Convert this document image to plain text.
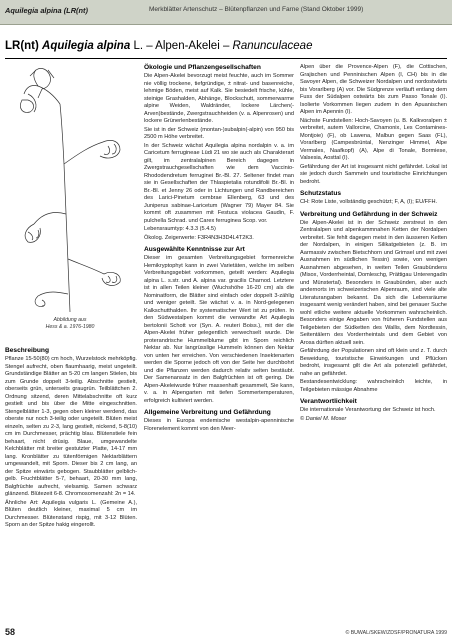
Aquilegia alpina (LR(nt)	Merkblätter Artenschutz – Blütenpflanzen und Farne (Stand Oktober 1999)
LR(nt) Aquilegia alpina L. – Alpen-Akelei – Ranunculaceae
Abbildung aus
Hess & a. 1976-1980
Beschreibung

Pflanze 15-50(80) cm hoch, Wurzelstock mehrköpfig. Stengel aufrecht, oben flaumhaarig, meist ungeteilt. Grundständige Blätter an 5-20 cm langen Stielen, bis zum Grunde doppelt 3-teilig. Abschnitte gestielt, oberseits grün, unterseits graugrün. Teilblättchen 2. Ordnung sitzend, deren Mittelabschnitte oft kurz gestielt und bis über die Mitte eingeschnitten. Stengelblätter 1-3, gegen oben kleiner werdend, das oberste nur noch 3-teilig oder ungeteilt. Blüten meist einzeln, selten zu 2-3, lang gestielt, nickend, 5-8(10) cm im Durchmesser, prächtig blau. Blütenstiele fein behaart, nicht drüsig. Blaue, umgewandelte Kelchblätter mit breiter gestutzter Platte, 14-17 mm lang. Kronblätter zu tütenförmigen Nektarblättern umgewandelt, mit Sporn. Dieser bis 2 cm lang, an der Spitze einwärts gebogen. Staubblätter gelblich-gelb. Fruchtblätter 5-7, behaart, 20-30 mm lang, Balgfrüchte aufrecht, vielsamig. Samen schwarz glänzend. Blütezeit 6-8. Chromosomenzahl: 2n = 14.

Ähnliche Art: Aquilegia vulgaris L. (Gemeine A.), Blüten deutlich kleiner, maximal 5 cm im Durchmesser. Blütenstand rispig, mit 3-12 Blüten. Sporn an der Spitze hakig eingerollt.

Ökologie und Pflanzengesellschaften

Die Alpen-Akelei bevorzugt meist feuchte, auch im Sommer nie völlig trockene, tiefgründige, ± nitrat- und basenreiche, lehmige Böden, meist auf Kalk. Sie besiedelt frische, kühle, steinige Grashalden, Abhänge, Blockschutt, sommerwarme alpine Weiden, Waldränder, lockere Lärchen(-Arven)bestände, Zwergstrauchheiden (v. a. Alpenrosen) und lockere Grünerlenbestände.

Sie ist in der Schweiz (montan-)subalpin(-alpin) von 950 bis 2500 m Höhe verbreitet.

In der Schweiz wächst Aquilegia alpina nordalpin v. a. im Caricetum ferrugineae Lüdi 21 wo sie auch als Charakterart gilt, im zentralalpinen Bereich dagegen in Zwergstrauchgesellschaften wie dem Vaccinio-Rhododendretum ferruginei Br.-Bl. 27. Seltener findet man sie in Gesellschaften der Thlaspietalia rotundifolii Br.-Bl. in Br.-Bl. et Jenny 26 oder in Lichtungen und Randbereichen des Larici-Pinetum cembrae Ellenberg, 63 und des Juniperus sabinae-Laricetum (Wagner 79) Mayer 84. Sie kommt oft zusammen mit Festuca violacea Gaudin, F. pulchella Schrad. und Carex ferruginea Scop. vor.

Lebensraumtyp: 4.3.3 (5.4.5)

Ökolog. Zeigerwerte: F3R4N3H3D4L4T2K3.

Ausgewählte Kenntnisse zur Art

Dieser im gesamten Verbreitungsgebiet formenreiche Hemikryptophyt kann in zwei Varietäten, welche im selben Verbreitungsgebiet vorkommen, geteilt werden: Aquilegia alpina L. s.str. und A. alpina var. gracilis Charnod. Letztere ist in allen Teilen kleiner (Wuchshöhe 16-20 cm) als die Nominatform, die Blätter sind einfach oder doppelt 3-zählig und weniger geteilt. Sie wächst v. a. in Nord-gelegenen Kalkschutthalden. Ihr systematischer Wert ist zu prüfen. In den Südwestalpen kommt die verwandte Art Aquilegia bertolonii Schott vor (Syn. A. reuteri Boiss.), mit der die Alpen-Akelei früher gelegentlich verwechselt wurde. Die proterandrische Hummelblume gibt im Sporn reichlich Nektar ab. Nur langrüsslige Hummeln können den Nektar von unten her erreichen. Von verschiedenen Insektenarten werden die Sporne jedoch oft von der Seite her durchbohrt und die Pflanzen werden dadurch relativ selten bestäubt. Der Samenansatz in den Balgfrüchten ist oft gering. Die Alpen-Akeleiwurde früher massenhaft gesammelt, Sie kann, v. a. in Alpengarten mit tiefen Sommertemperaturen, erfolgreich kultiviert werden.

Allgemeine Verbreitung und Gefährdung

Dieses in Europa endemische westalpin-apenninische Florenelement kommt von den Meer-

Alpen über die Provence-Alpen (F), die Cottischen, Grajischen und Penninischen Alpen (I, CH) bis in die Savoyer Alpen, die Schweizer Nordalpen und nordostwärts bis Vorarlberg (A) vor. Die Südgrenze verläuft entlang dem Fuss der Südalpen ostwärts bis zum Passo Tonale (I). Isolierte Vorkommen liegen zudem in den Apuanischen Alpen im Apennin (I).

Nächste Fundstellen: Hoch-Savoyen (u. B. Kalkvoralpen ± verbreitet, autem Vallorcine, Chamonix, Les Contamines-Montjoie) (F), ob Lawena, Malbun gegen Saas (FL), Vorarlberg (Campesbrüntal, Nenzinger Himmel, Alpe Vermales, Naafkopf) (A), Alpe di Tonale, Bormiese, Valsesia, Aosttal (I).

Gefährdung der Art ist insgesamt nicht gefährdet. Lokal ist sie jedoch durch Sammeln und touristische Einrichtungen bedroht.

Schutzstatus

CH: Rote Liste, vollständig geschützt; F, A, (I); EU/FFH.

Verbreitung und Gefährdung in der Schweiz

Die Alpen-Akelei ist in der Schweiz zerstreut in den Zentralalpen und alpenkammnahen Ketten der Nordalpen verbreitet. Sie fehlt dagegen meist in den äusseren Ketten der Nordalpen, in einigen Silikatgebieten (z. B. im Aarmassiv zwischen Bietschhorn und Grimsel und mit zwei Ausnahmen im südlichen Tessin) sowie, von wenigen Ausnahmen abgesehen, in weiten Teilen Graubündens (Misox, Vorderrheintal, Domleschg, Prättigau Unterengadin und Münstertal). Besonders in Graubünden, aber auch andernorts im schweizerischen Alpenraum, sind viele alte Literaturangaben bekannt. Da sich die Lebensräume insgesamt wenig verändert haben, sind bei genauer Suche wohl etliche weitere aktuelle Vorkommen wahrscheinlich. Besonders einige Angaben von früheren Fundstellen aus Teilgebieten der Südketten des Wallis, dem Nordtessin, Seitentälern des Vorderrheintals und dem Gebiet von Arosa dürften aktuell sein.

Gefährdung der Populationen sind oft klein und z. T. durch Beweidung, touristische Einwirkungen und Pflücken bedroht, insgesamt gilt die Art als potenziell gefährdet, nahe an gefährdet.

Bestandesentwicklung: wahrscheinlich leichte, in Teilgebieten mässige Abnahme

Verantwortlichkeit

Die internationale Verantwortung der Schweiz ist hoch.

© Daniel M. Moser

58	© BUWAL/SKEW/ZDSF/PRONATURA 1999
